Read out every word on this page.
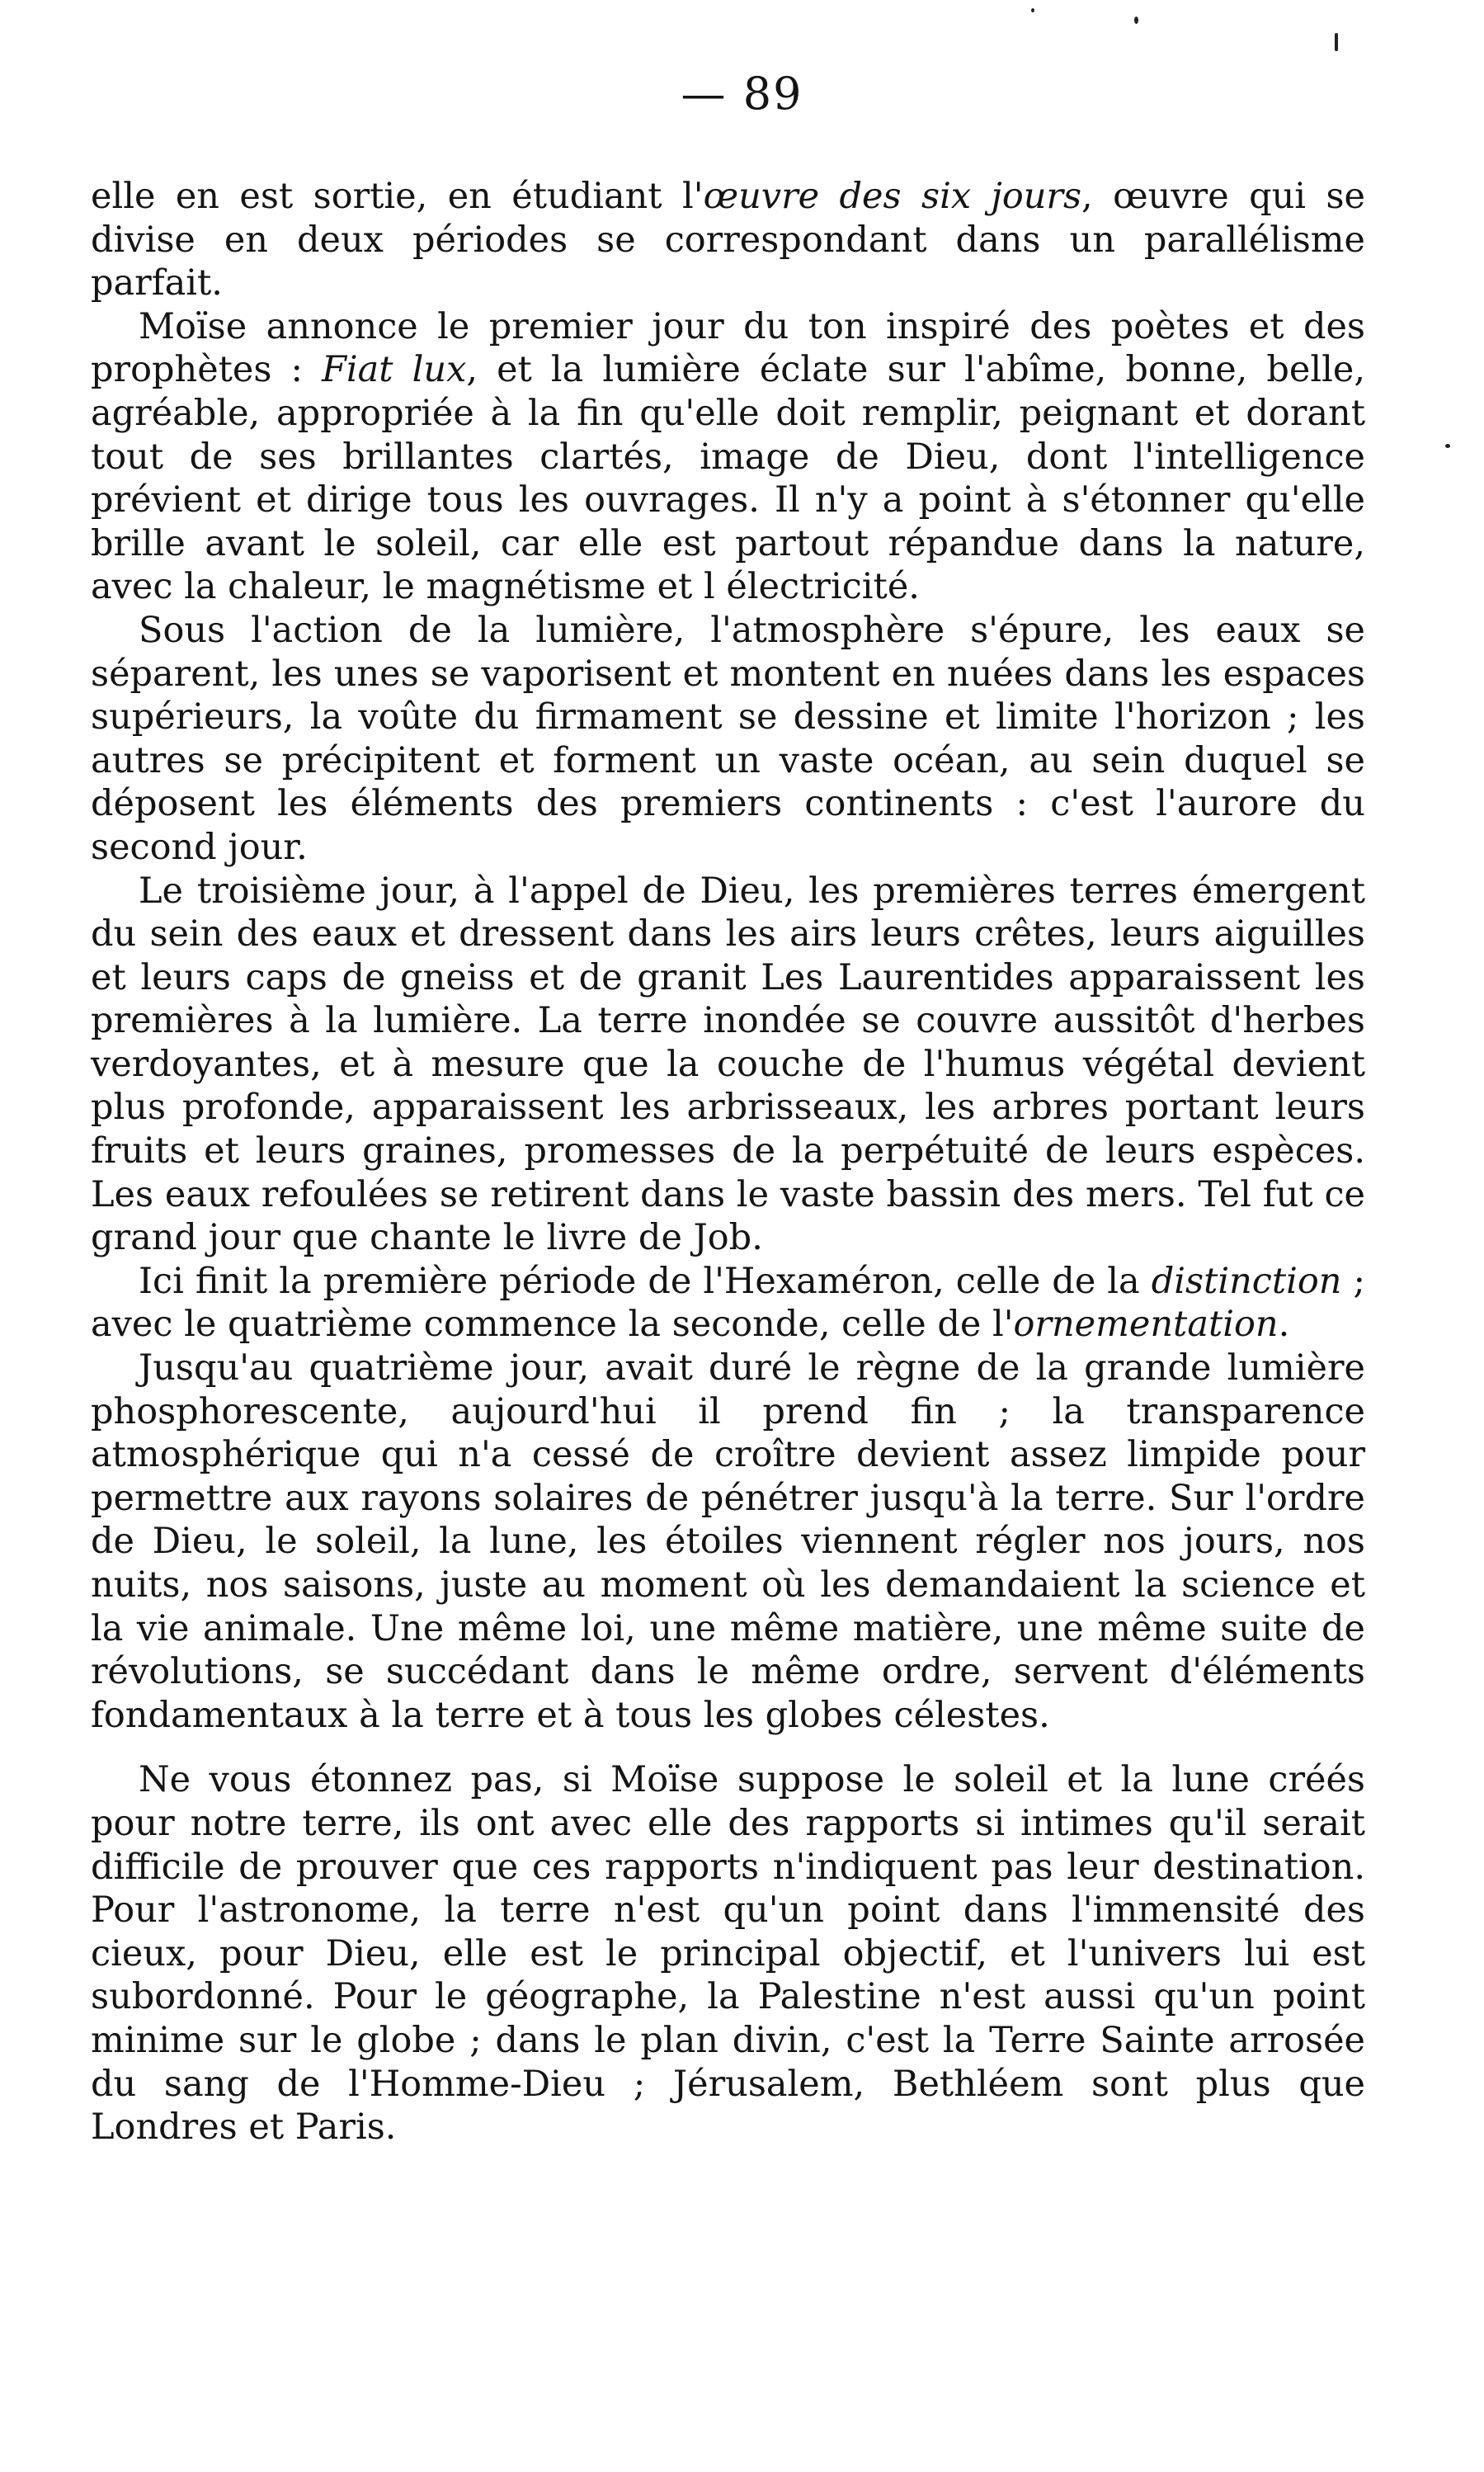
— 89

elle en est sortie, en étudiant l'œuvre des six jours, œuvre qui se divise en deux périodes se correspondant dans un parallélisme parfait.

Moïse annonce le premier jour du ton inspiré des poètes et des prophètes : Fiat lux, et la lumière éclate sur l'abîme, bonne, belle, agréable, appropriée à la fin qu'elle doit remplir, peignant et dorant tout de ses brillantes clartés, image de Dieu, dont l'intelligence prévient et dirige tous les ouvrages. Il n'y a point à s'étonner qu'elle brille avant le soleil, car elle est partout répandue dans la nature, avec la chaleur, le magnétisme et l électricité.

Sous l'action de la lumière, l'atmosphère s'épure, les eaux se séparent, les unes se vaporisent et montent en nuées dans les espaces supérieurs, la voûte du firmament se dessine et limite l'horizon ; les autres se précipitent et forment un vaste océan, au sein duquel se déposent les éléments des premiers continents : c'est l'aurore du second jour.

Le troisième jour, à l'appel de Dieu, les premières terres émergent du sein des eaux et dressent dans les airs leurs crêtes, leurs aiguilles et leurs caps de gneiss et de granit Les Laurentides apparaissent les premières à la lumière. La terre inondée se couvre aussitôt d'herbes verdoyantes, et à mesure que la couche de l'humus végétal devient plus profonde, apparaissent les arbrisseaux, les arbres portant leurs fruits et leurs graines, promesses de la perpétuité de leurs espèces. Les eaux refoulées se retirent dans le vaste bassin des mers. Tel fut ce grand jour que chante le livre de Job.

Ici finit la première période de l'Hexaméron, celle de la distinction ; avec le quatrième commence la seconde, celle de l'ornementation.

Jusqu'au quatrième jour, avait duré le règne de la grande lumière phosphorescente, aujourd'hui il prend fin ; la transparence atmosphérique qui n'a cessé de croître devient assez limpide pour permettre aux rayons solaires de pénétrer jusqu'à la terre. Sur l'ordre de Dieu, le soleil, la lune, les étoiles viennent régler nos jours, nos nuits, nos saisons, juste au moment où les demandaient la science et la vie animale. Une même loi, une même matière, une même suite de révolutions, se succédant dans le même ordre, servent d'éléments fondamentaux à la terre et à tous les globes célestes.

Ne vous étonnez pas, si Moïse suppose le soleil et la lune créés pour notre terre, ils ont avec elle des rapports si intimes qu'il serait difficile de prouver que ces rapports n'indiquent pas leur destination. Pour l'astronome, la terre n'est qu'un point dans l'immensité des cieux, pour Dieu, elle est le principal objectif, et l'univers lui est subordonné. Pour le géographe, la Palestine n'est aussi qu'un point minime sur le globe ; dans le plan divin, c'est la Terre Sainte arrosée du sang de l'Homme-Dieu ; Jérusalem, Bethléem sont plus que Londres et Paris.
